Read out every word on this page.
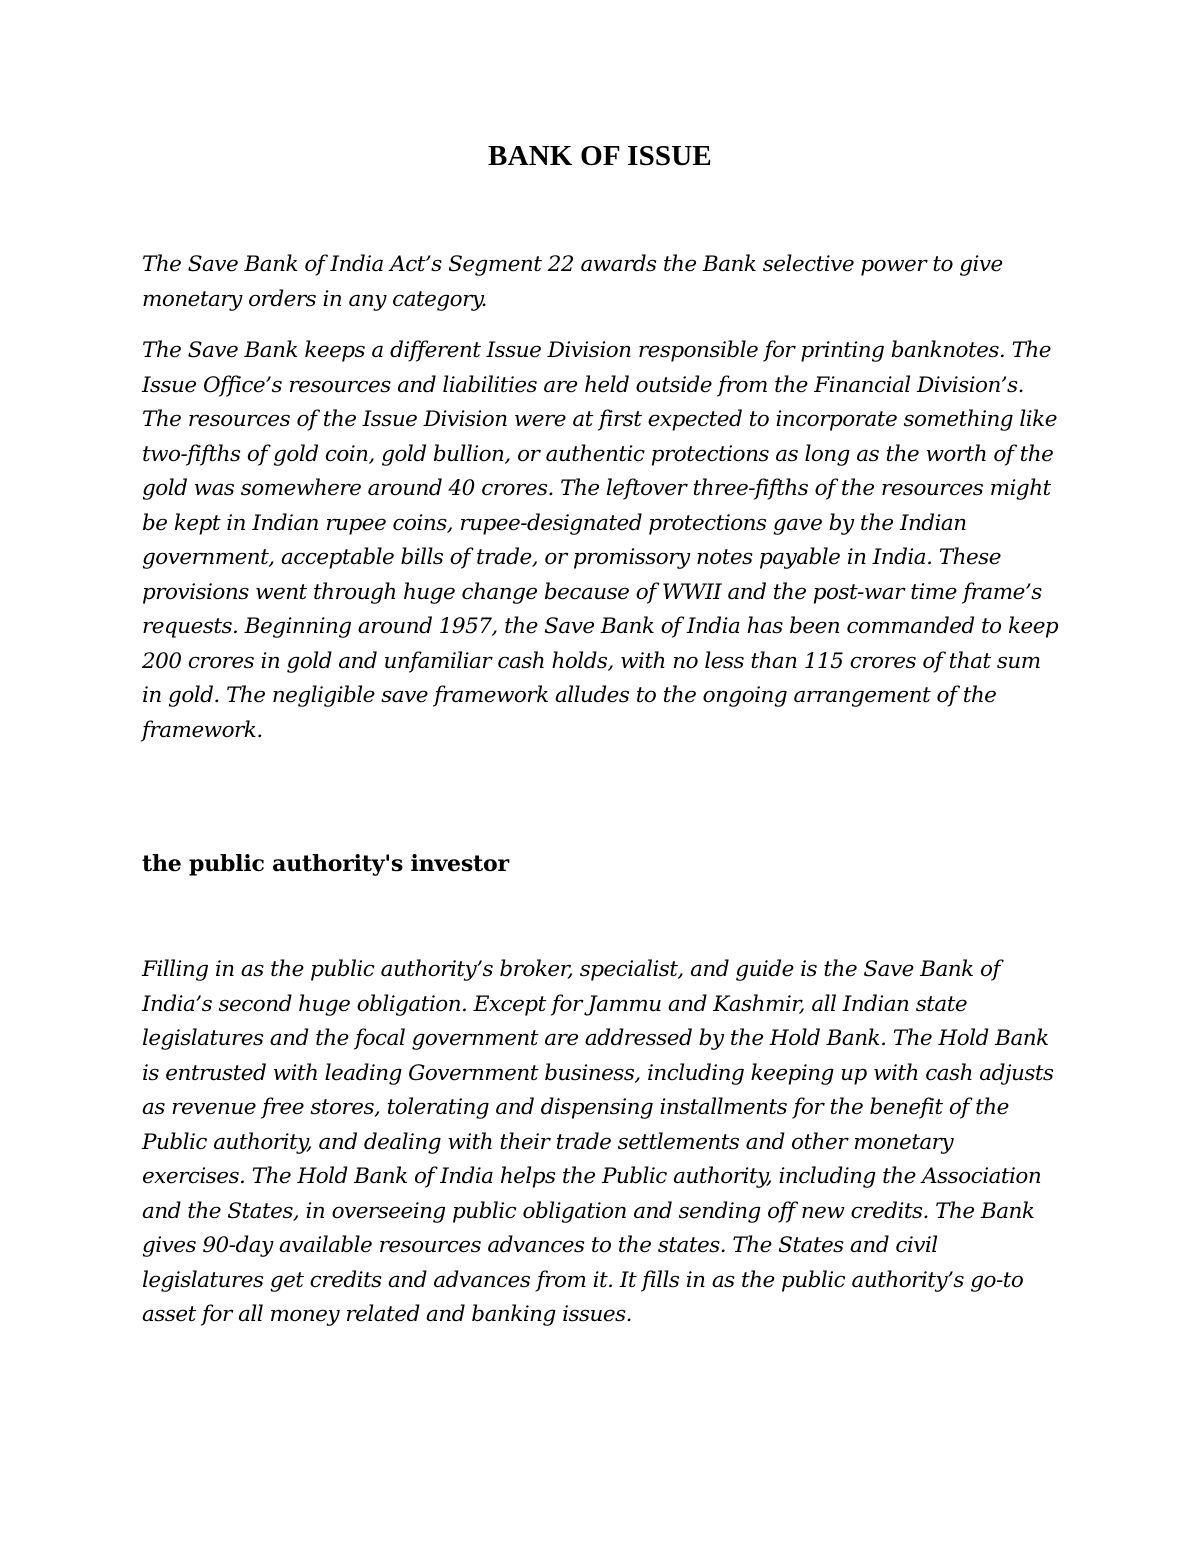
BANK OF ISSUE

The Save Bank of India Act’s Segment 22 awards the Bank selective power to give monetary orders in any category.

The Save Bank keeps a different Issue Division responsible for printing banknotes. The Issue Office’s resources and liabilities are held outside from the Financial Division’s. The resources of the Issue Division were at first expected to incorporate something like two-fifths of gold coin, gold bullion, or authentic protections as long as the worth of the gold was somewhere around 40 crores. The leftover three-fifths of the resources might be kept in Indian rupee coins, rupee-designated protections gave by the Indian government, acceptable bills of trade, or promissory notes payable in India. These provisions went through huge change because of WWII and the post-war time frame’s requests. Beginning around 1957, the Save Bank of India has been commanded to keep 200 crores in gold and unfamiliar cash holds, with no less than 115 crores of that sum in gold. The negligible save framework alludes to the ongoing arrangement of the framework.

the public authority's investor

Filling in as the public authority’s broker, specialist, and guide is the Save Bank of India’s second huge obligation. Except for Jammu and Kashmir, all Indian state legislatures and the focal government are addressed by the Hold Bank. The Hold Bank is entrusted with leading Government business, including keeping up with cash adjusts as revenue free stores, tolerating and dispensing installments for the benefit of the Public authority, and dealing with their trade settlements and other monetary exercises. The Hold Bank of India helps the Public authority, including the Association and the States, in overseeing public obligation and sending off new credits. The Bank gives 90-day available resources advances to the states. The States and civil legislatures get credits and advances from it. It fills in as the public authority’s go-to asset for all money related and banking issues.
